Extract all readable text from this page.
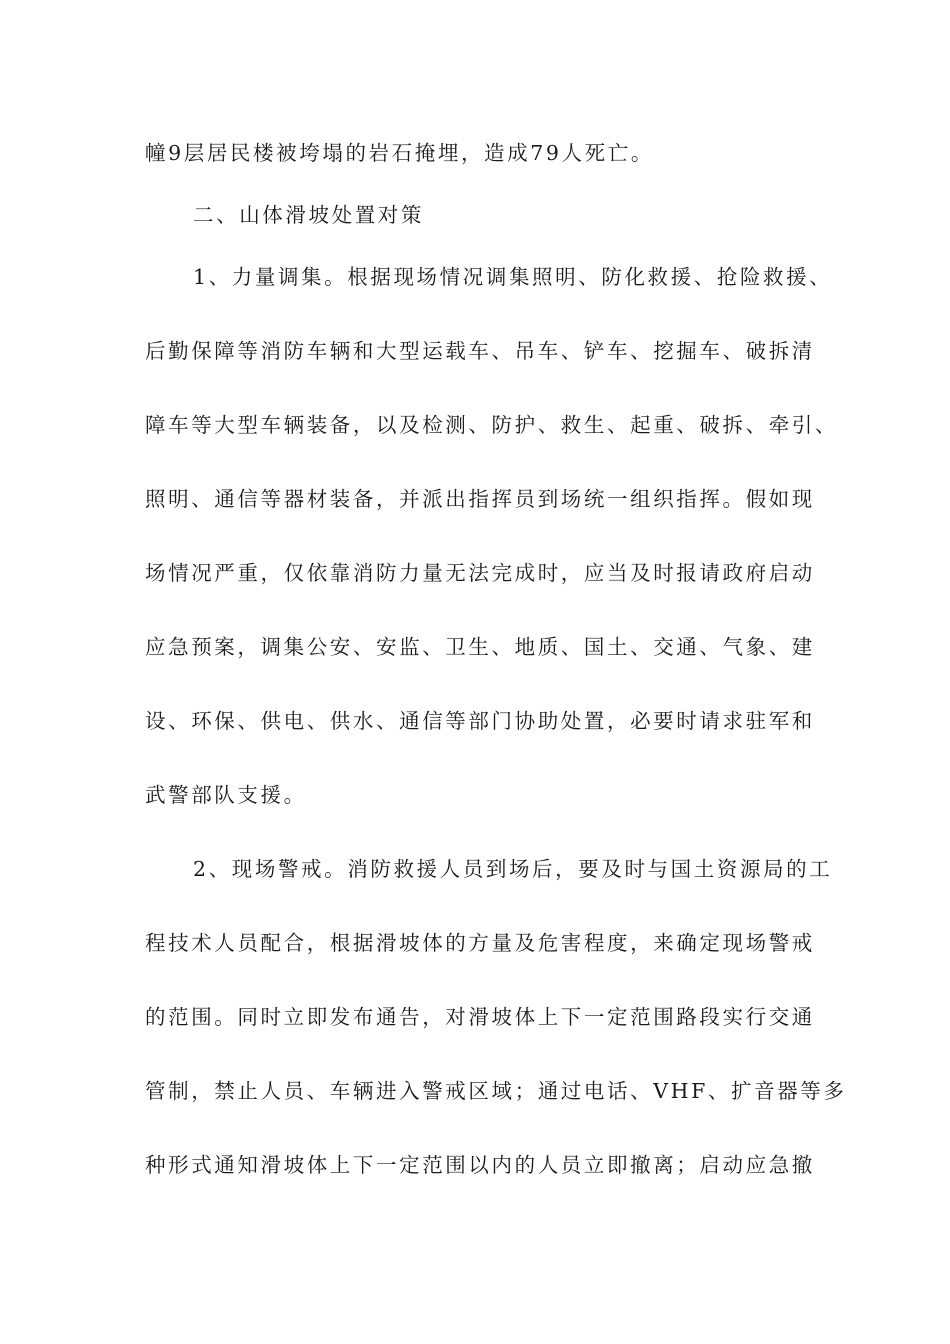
幢9层居民楼被垮塌的岩石掩埋，造成79人死亡。
二、山体滑坡处置对策
1、力量调集。根据现场情况调集照明、防化救援、抢险救援、
后勤保障等消防车辆和大型运载车、吊车、铲车、挖掘车、破拆清
障车等大型车辆装备，以及检测、防护、救生、起重、破拆、牵引、
照明、通信等器材装备，并派出指挥员到场统一组织指挥。假如现
场情况严重，仅依靠消防力量无法完成时，应当及时报请政府启动
应急预案，调集公安、安监、卫生、地质、国土、交通、气象、建
设、环保、供电、供水、通信等部门协助处置，必要时请求驻军和
武警部队支援。
2、现场警戒。消防救援人员到场后，要及时与国土资源局的工
程技术人员配合，根据滑坡体的方量及危害程度，来确定现场警戒
的范围。同时立即发布通告，对滑坡体上下一定范围路段实行交通
管制，禁止人员、车辆进入警戒区域；通过电话、VHF、扩音器等多
种形式通知滑坡体上下一定范围以内的人员立即撤离；启动应急撤
